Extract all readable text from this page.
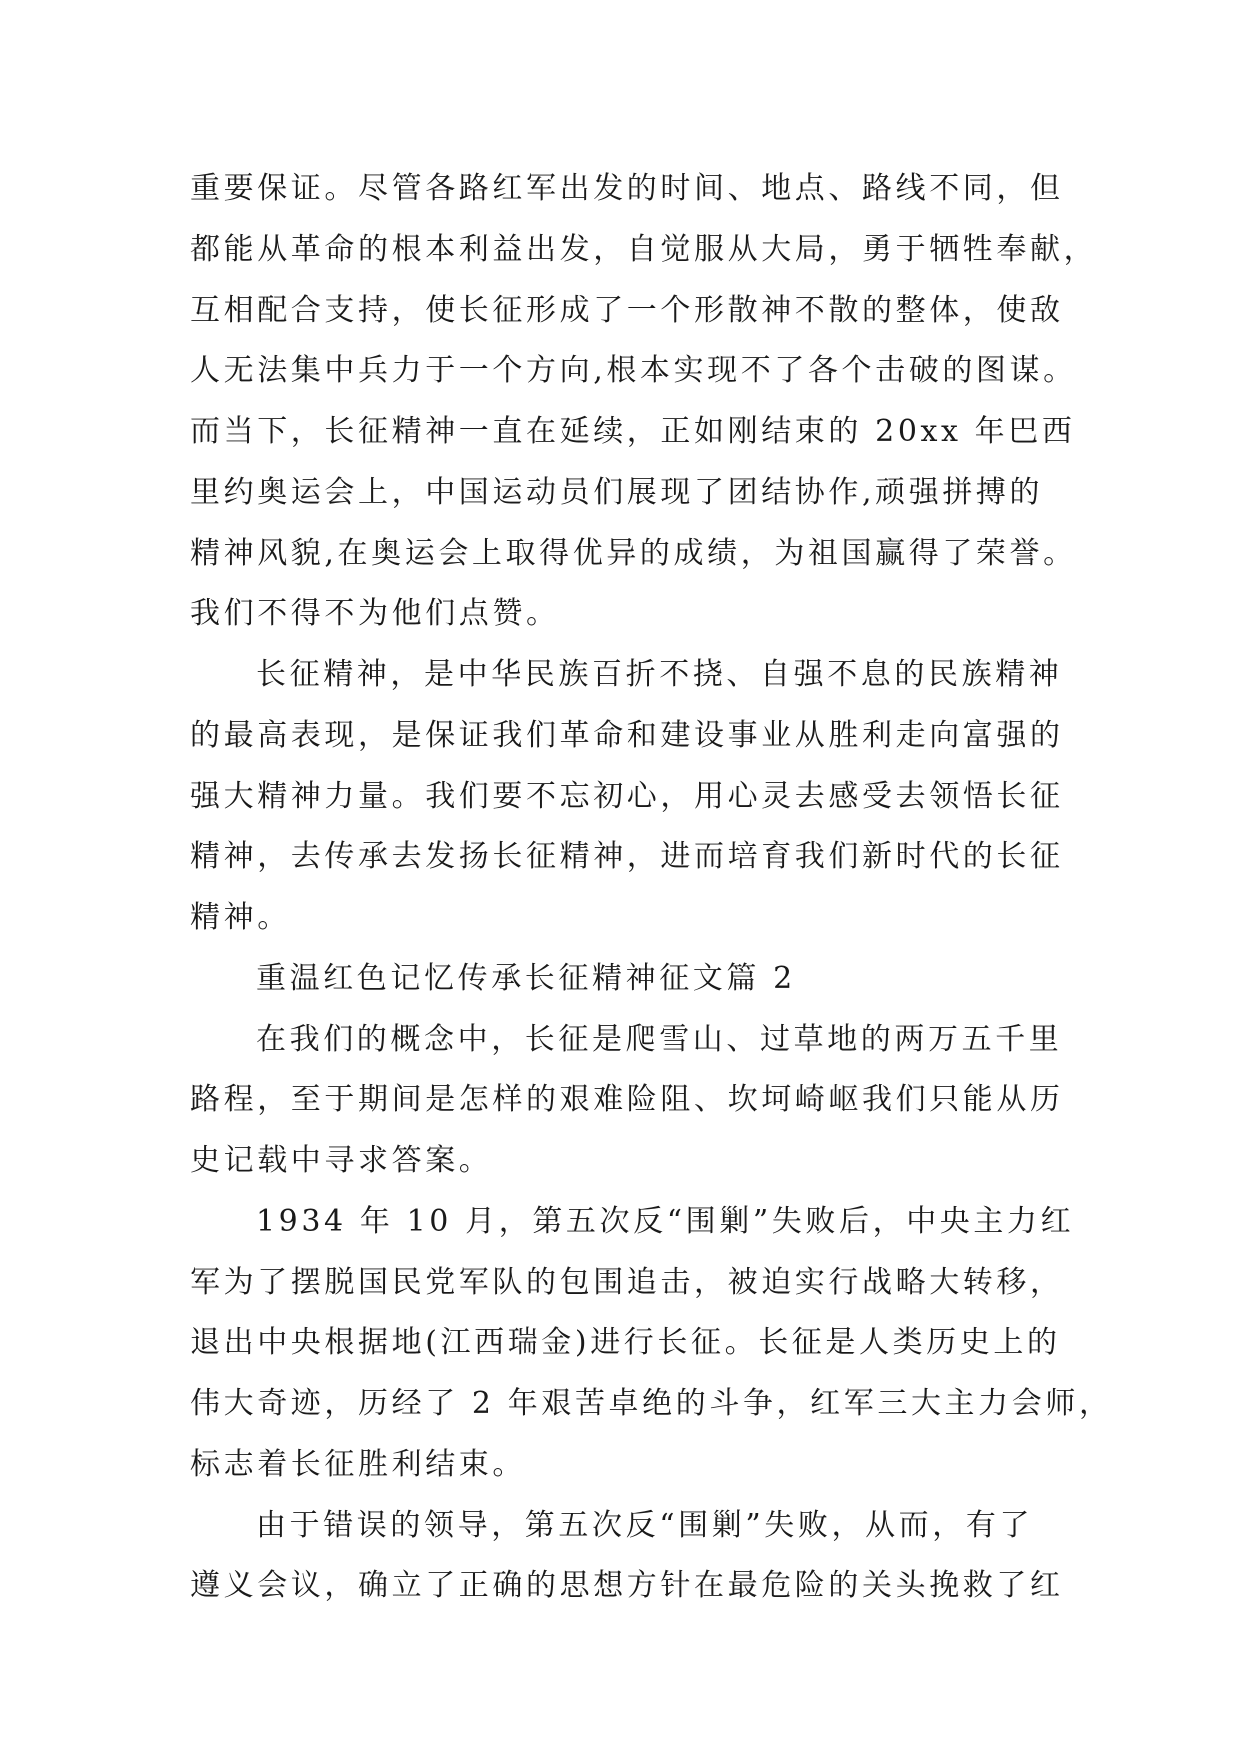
重要保证。尽管各路红军出发的时间、地点、路线不同，但
都能从革命的根本利益出发，自觉服从大局，勇于牺牲奉献，
互相配合支持，使长征形成了一个形散神不散的整体，使敌
人无法集中兵力于一个方向,根本实现不了各个击破的图谋。
而当下，长征精神一直在延续，正如刚结束的 20xx 年巴西
里约奥运会上，中国运动员们展现了团结协作,顽强拼搏的
精神风貌,在奥运会上取得优异的成绩，为祖国赢得了荣誉。
我们不得不为他们点赞。
长征精神，是中华民族百折不挠、自强不息的民族精神
的最高表现，是保证我们革命和建设事业从胜利走向富强的
强大精神力量。我们要不忘初心，用心灵去感受去领悟长征
精神，去传承去发扬长征精神，进而培育我们新时代的长征
精神。
重温红色记忆传承长征精神征文篇 2
在我们的概念中，长征是爬雪山、过草地的两万五千里
路程，至于期间是怎样的艰难险阻、坎坷崎岖我们只能从历
史记载中寻求答案。
1934 年 10 月，第五次反“围剿”失败后，中央主力红
军为了摆脱国民党军队的包围追击，被迫实行战略大转移，
退出中央根据地(江西瑞金)进行长征。长征是人类历史上的
伟大奇迹，历经了 2 年艰苦卓绝的斗争，红军三大主力会师，
标志着长征胜利结束。
由于错误的领导，第五次反“围剿”失败，从而，有了
遵义会议，确立了正确的思想方针在最危险的关头挽救了红
